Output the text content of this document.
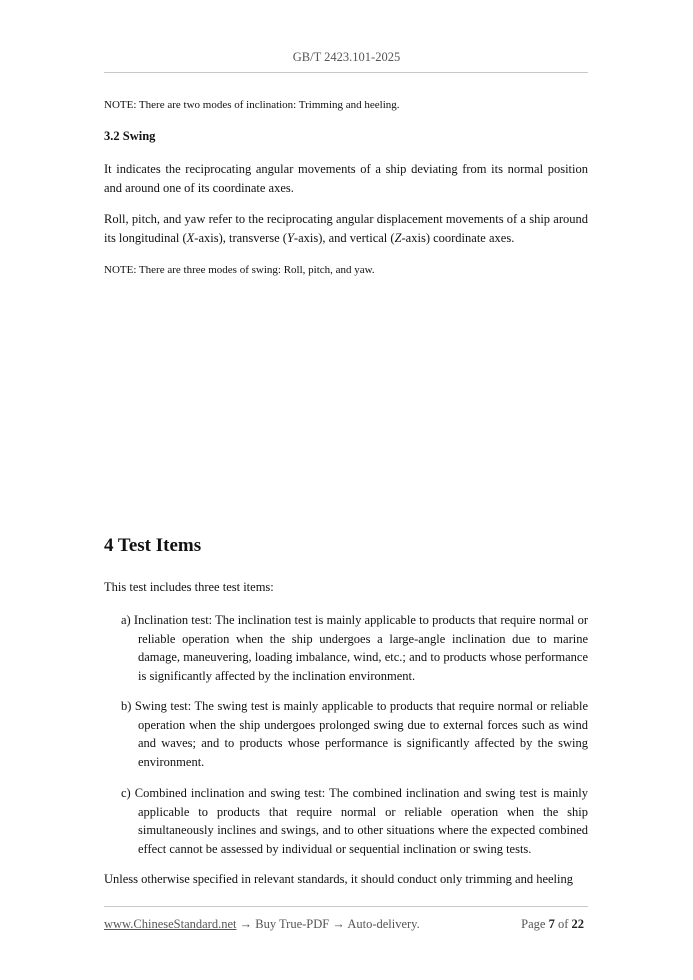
GB/T 2423.101-2025
NOTE: There are two modes of inclination: Trimming and heeling.
3.2 Swing
It indicates the reciprocating angular movements of a ship deviating from its normal position and around one of its coordinate axes.
Roll, pitch, and yaw refer to the reciprocating angular displacement movements of a ship around its longitudinal (X-axis), transverse (Y-axis), and vertical (Z-axis) coordinate axes.
NOTE: There are three modes of swing: Roll, pitch, and yaw.
4 Test Items
This test includes three test items:
a) Inclination test: The inclination test is mainly applicable to products that require normal or reliable operation when the ship undergoes a large-angle inclination due to marine damage, maneuvering, loading imbalance, wind, etc.; and to products whose performance is significantly affected by the inclination environment.
b) Swing test: The swing test is mainly applicable to products that require normal or reliable operation when the ship undergoes prolonged swing due to external forces such as wind and waves; and to products whose performance is significantly affected by the swing environment.
c) Combined inclination and swing test: The combined inclination and swing test is mainly applicable to products that require normal or reliable operation when the ship simultaneously inclines and swings, and to other situations where the expected combined effect cannot be assessed by individual or sequential inclination or swing tests.
Unless otherwise specified in relevant standards, it should conduct only trimming and heeling
www.ChineseStandard.net → Buy True-PDF → Auto-delivery.	Page 7 of 22
